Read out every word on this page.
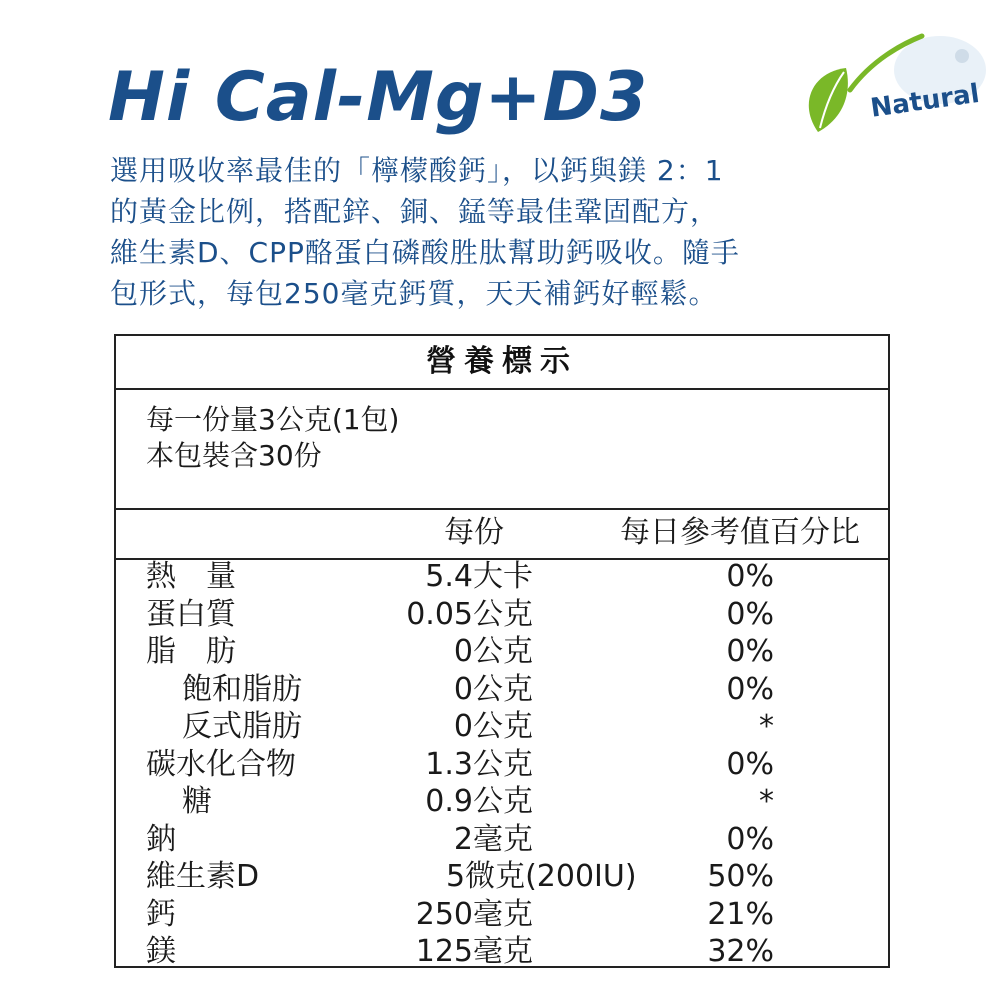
Hi Cal-Mg+D3	Natural
選用吸收率最佳的「檸檬酸鈣」，以鈣與鎂 2：1
的黃金比例，搭配鋅、銅、錳等最佳鞏固配方，
維生素D、CPP酪蛋白磷酸胜肽幫助鈣吸收。隨手
包形式，每包250毫克鈣質，天天補鈣好輕鬆。
營養標示
每一份量3公克(1包)
本包裝含30份
每份	每日參考值百分比
熱　量	5.4大卡	0%
蛋白質	0.05公克	0%
脂　肪	0公克	0%
飽和脂肪	0公克	0%
反式脂肪	0公克	*
碳水化合物	1.3公克	0%
糖	0.9公克	*
鈉	2毫克	0%
維生素D	5微克(200IU) 50%
鈣	250毫克	21%
鎂	125毫克	32%
